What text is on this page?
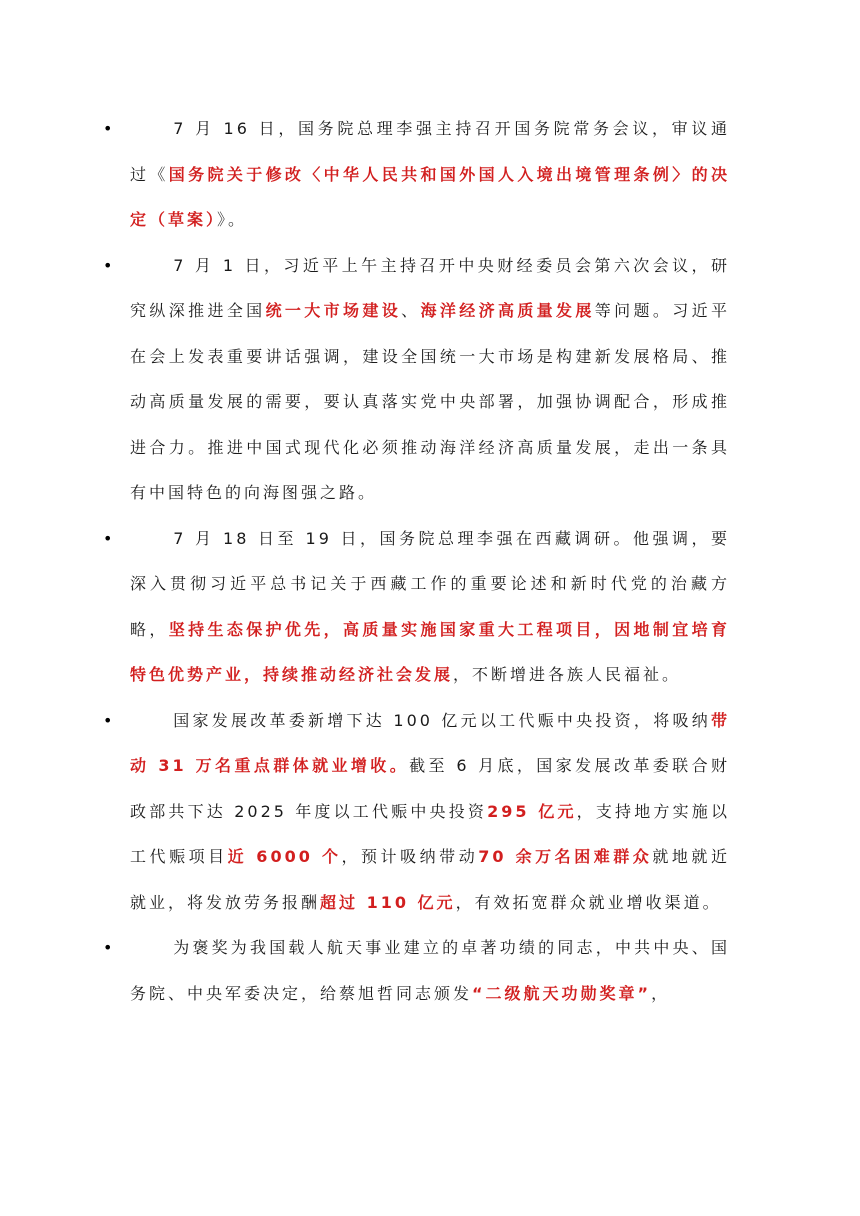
•	7 月 16 日，国务院总理李强主持召开国务院常务会议，审议通过《国务院关于修改〈中华人民共和国外国人入境出境管理条例〉的决定（草案）》。

•	7 月 1 日，习近平上午主持召开中央财经委员会第六次会议，研究纵深推进全国统一大市场建设、海洋经济高质量发展等问题。习近平在会上发表重要讲话强调，建设全国统一大市场是构建新发展格局、推动高质量发展的需要，要认真落实党中央部署，加强协调配合，形成推进合力。推进中国式现代化必须推动海洋经济高质量发展，走出一条具有中国特色的向海图强之路。

•	7 月 18 日至 19 日，国务院总理李强在西藏调研。他强调，要深入贯彻习近平总书记关于西藏工作的重要论述和新时代党的治藏方略，坚持生态保护优先，高质量实施国家重大工程项目，因地制宜培育特色优势产业，持续推动经济社会发展，不断增进各族人民福祉。

•	国家发展改革委新增下达 100 亿元以工代赈中央投资，将吸纳带动 31 万名重点群体就业增收。截至 6 月底，国家发展改革委联合财政部共下达 2025 年度以工代赈中央投资295 亿元，支持地方实施以工代赈项目近 6000 个，预计吸纳带动70 余万名困难群众就地就近就业，将发放劳务报酬超过 110 亿元，有效拓宽群众就业增收渠道。

•	为褒奖为我国载人航天事业建立的卓著功绩的同志，中共中央、国务院、中央军委决定，给蔡旭哲同志颁发“二级航天功勋奖章”，
